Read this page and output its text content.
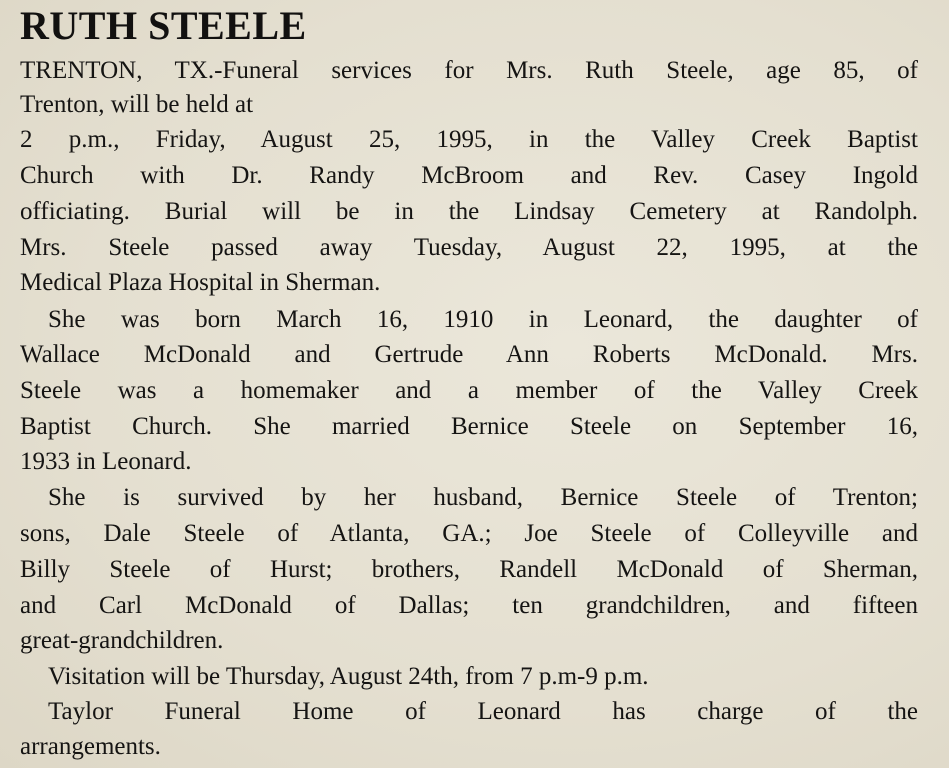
RUTH STEELE
TRENTON, TX.-Funeral services for Mrs. Ruth Steele, age 85, of
Trenton, will be held at
2 p.m., Friday, August 25, 1995, in the Valley Creek Baptist
Church with Dr. Randy McBroom and Rev. Casey Ingold
officiating. Burial will be in the Lindsay Cemetery at Randolph.
Mrs. Steele passed away Tuesday, August 22, 1995, at the
Medical Plaza Hospital in Sherman.
She was born March 16, 1910 in Leonard, the daughter of
Wallace McDonald and Gertrude Ann Roberts McDonald. Mrs.
Steele was a homemaker and a member of the Valley Creek
Baptist Church. She married Bernice Steele on September 16,
1933 in Leonard.
She is survived by her husband, Bernice Steele of Trenton;
sons, Dale Steele of Atlanta, GA.; Joe Steele of Colleyville and
Billy Steele of Hurst; brothers, Randell McDonald of Sherman,
and Carl McDonald of Dallas; ten grandchildren, and fifteen
great-grandchildren.
Visitation will be Thursday, August 24th, from 7 p.m-9 p.m.
Taylor Funeral Home of Leonard has charge of the
arrangements.
